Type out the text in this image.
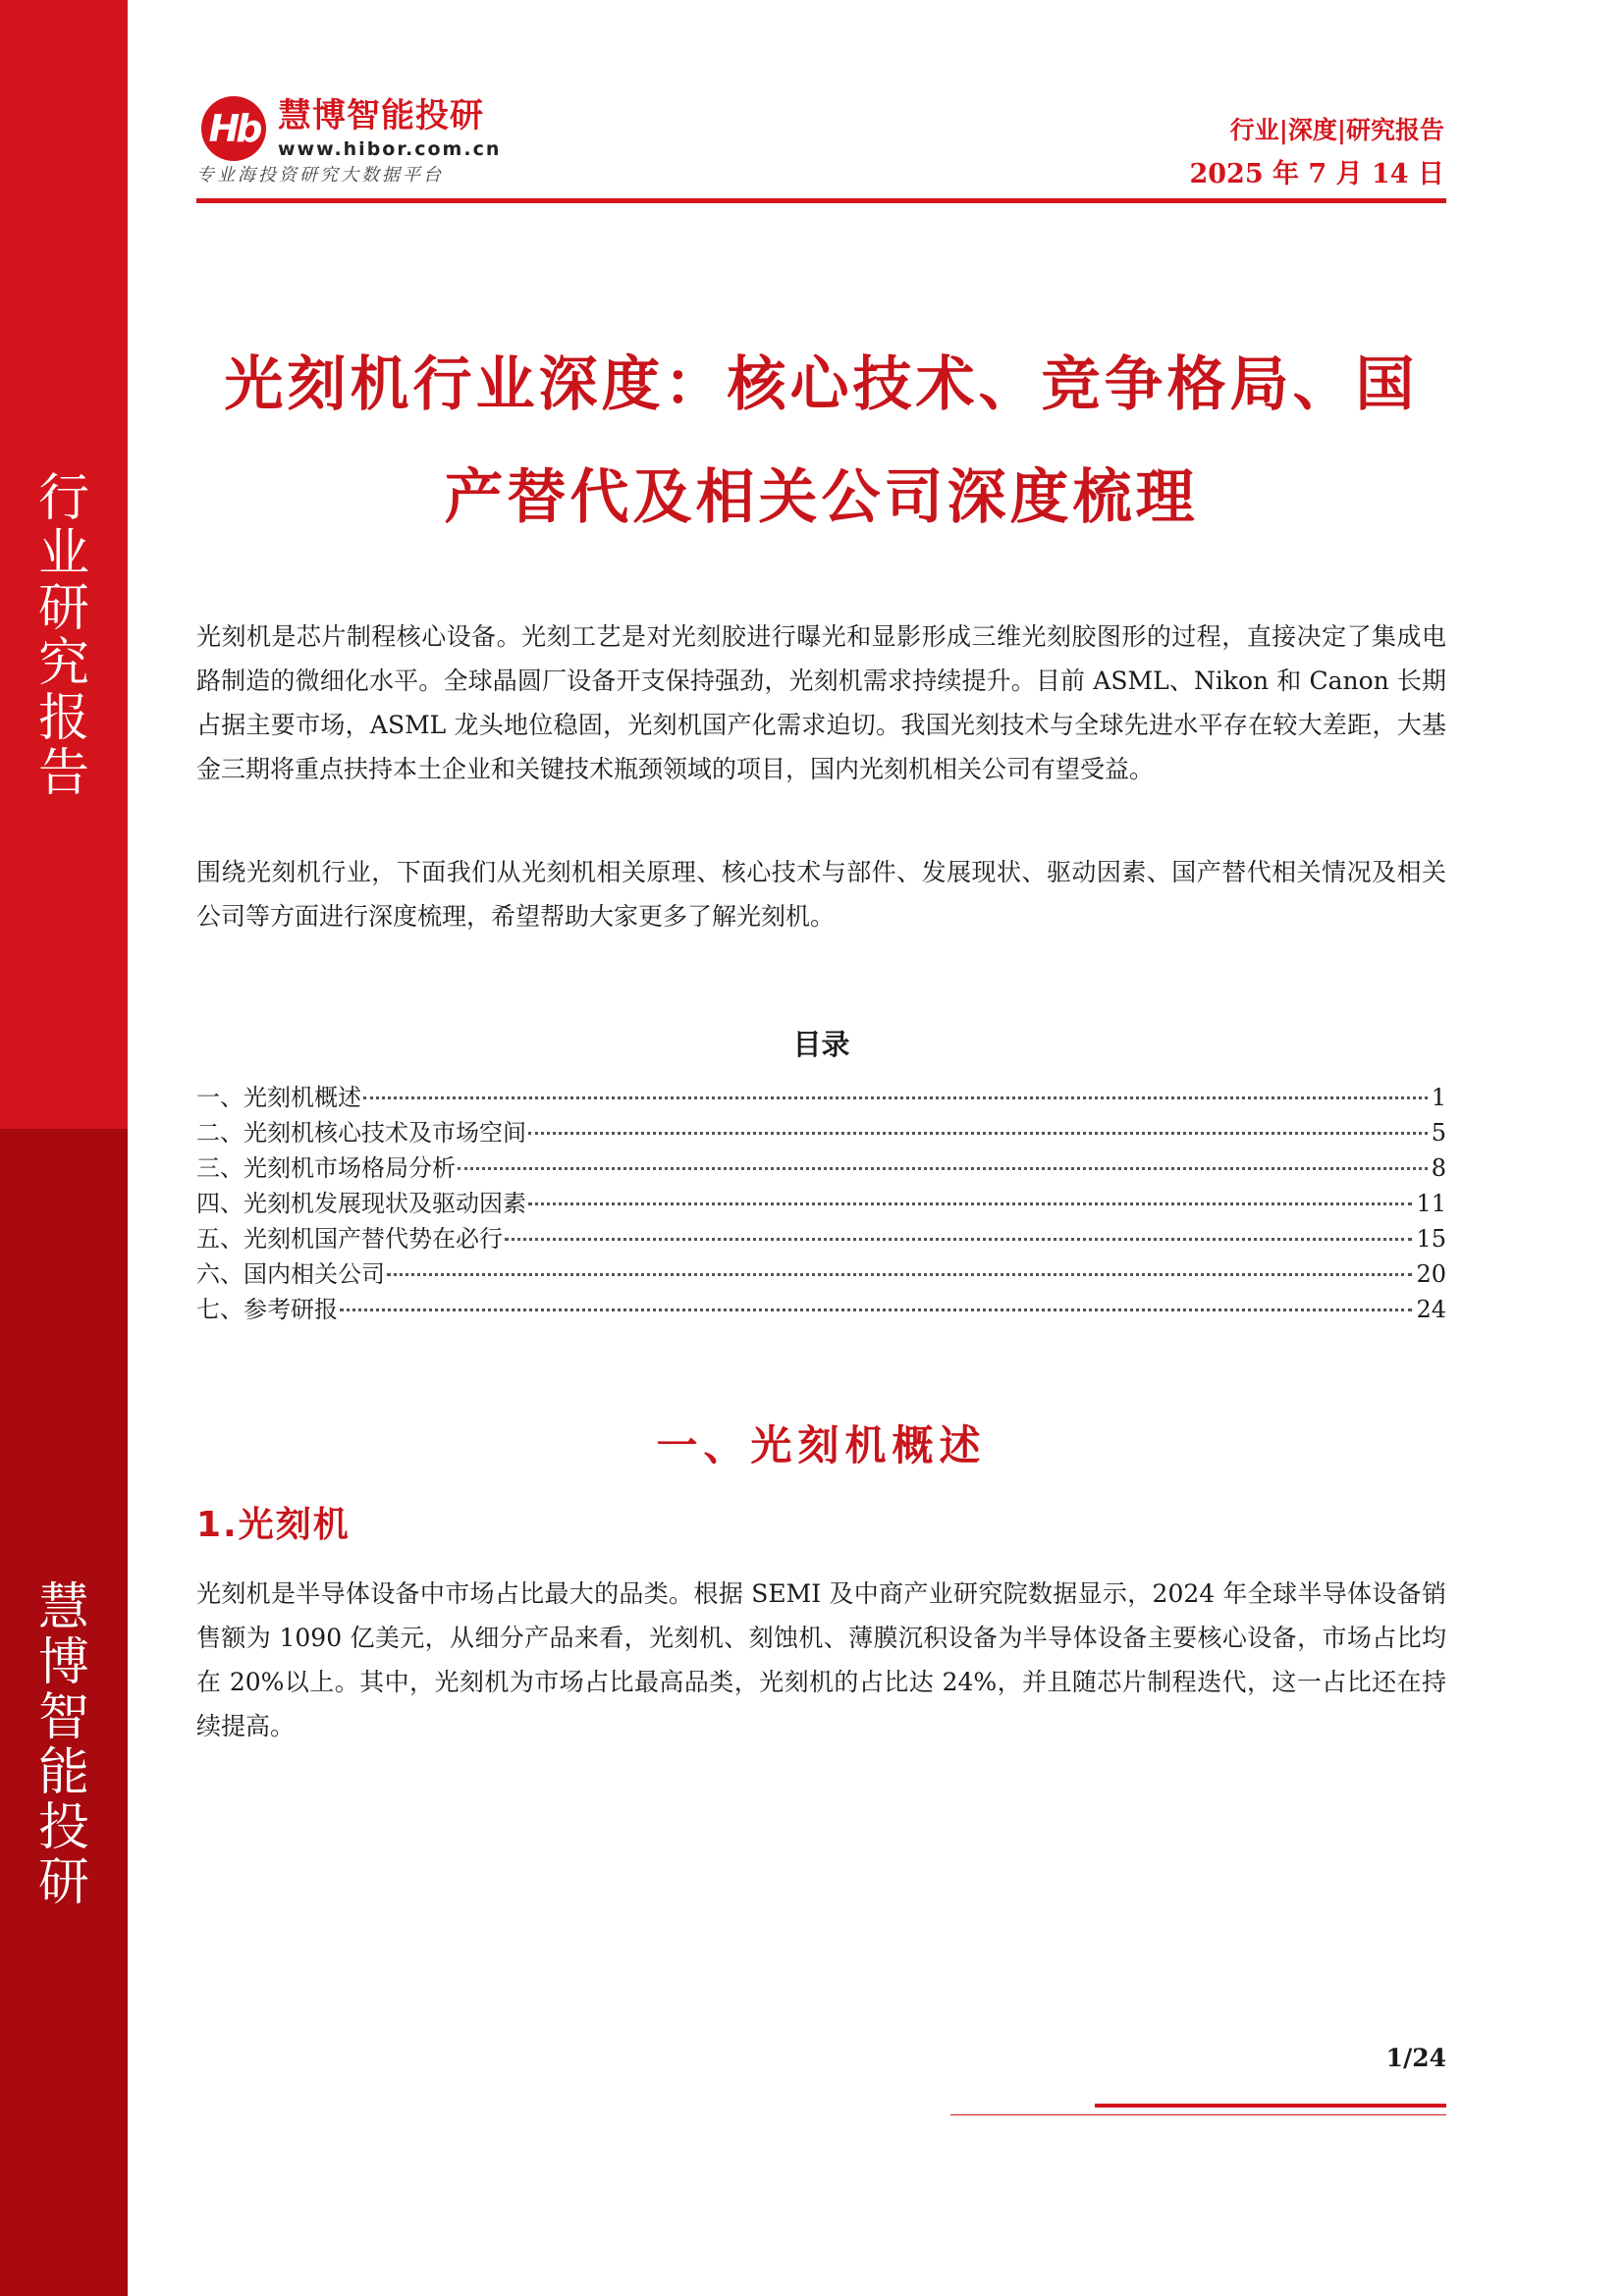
行
业
研
究
报
告
慧
博
智
能
投
研
Hb 慧博智能投研
www.hibor.com.cn
专业海投资研究大数据平台
行业|深度|研究报告
2025 年 7 月 14 日
光刻机行业深度：核心技术、竞争格局、国
产替代及相关公司深度梳理
光刻机是芯片制程核心设备。光刻工艺是对光刻胶进行曝光和显影形成三维光刻胶图形的过程，直接决定了集成电路制造的微细化水平。全球晶圆厂设备开支保持强劲，光刻机需求持续提升。目前 ASML、Nikon 和 Canon 长期占据主要市场，ASML 龙头地位稳固，光刻机国产化需求迫切。我国光刻技术与全球先进水平存在较大差距，大基金三期将重点扶持本土企业和关键技术瓶颈领域的项目，国内光刻机相关公司有望受益。
围绕光刻机行业，下面我们从光刻机相关原理、核心技术与部件、发展现状、驱动因素、国产替代相关情况及相关公司等方面进行深度梳理，希望帮助大家更多了解光刻机。
目录
一、光刻机概述	1
二、光刻机核心技术及市场空间	5
三、光刻机市场格局分析	8
四、光刻机发展现状及驱动因素	11
五、光刻机国产替代势在必行	15
六、国内相关公司	20
七、参考研报	24
一、光刻机概述
1.光刻机
光刻机是半导体设备中市场占比最大的品类。根据 SEMI 及中商产业研究院数据显示，2024 年全球半导体设备销售额为 1090 亿美元，从细分产品来看，光刻机、刻蚀机、薄膜沉积设备为半导体设备主要核心设备，市场占比均在 20%以上。其中，光刻机为市场占比最高品类，光刻机的占比达 24%，并且随芯片制程迭代，这一占比还在持续提高。
1/24
